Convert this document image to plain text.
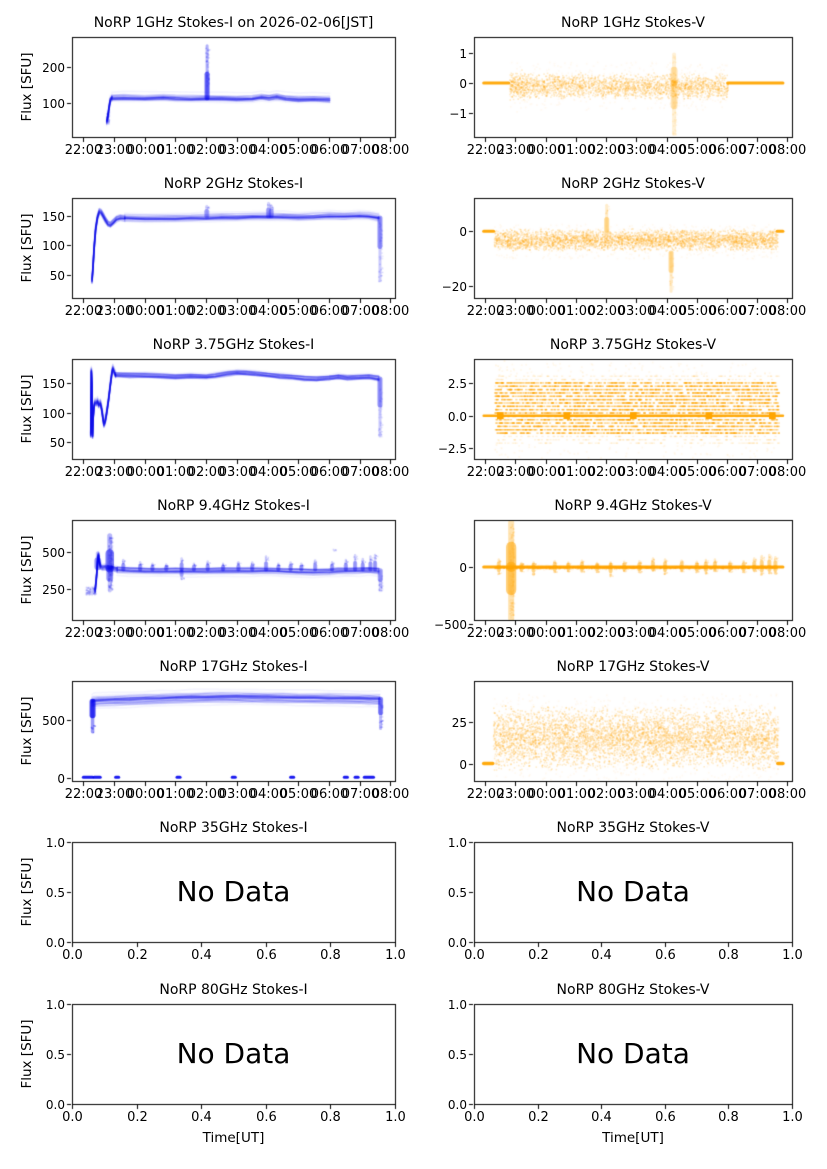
22:00
23:00
00:00
01:00
02:00
03:00
04:00
05:00
06:00
07:00
08:00
200
100
NoRP 1GHz Stokes-I on 2026-02-06[JST]
Flux [SFU]
22:00
23:00
00:00
01:00
02:00
03:00
04:00
05:00
06:00
07:00
08:00
1
0
−1
NoRP 1GHz Stokes-V
22:00
23:00
00:00
01:00
02:00
03:00
04:00
05:00
06:00
07:00
08:00
150
100
50
NoRP 2GHz Stokes-I
Flux [SFU]
22:00
23:00
00:00
01:00
02:00
03:00
04:00
05:00
06:00
07:00
08:00
0
−20
NoRP 2GHz Stokes-V
22:00
23:00
00:00
01:00
02:00
03:00
04:00
05:00
06:00
07:00
08:00
150
100
50
NoRP 3.75GHz Stokes-I
Flux [SFU]
22:00
23:00
00:00
01:00
02:00
03:00
04:00
05:00
06:00
07:00
08:00
2.5
0.0
−2.5
NoRP 3.75GHz Stokes-V
22:00
23:00
00:00
01:00
02:00
03:00
04:00
05:00
06:00
07:00
08:00
500
250
NoRP 9.4GHz Stokes-I
Flux [SFU]
22:00
23:00
00:00
01:00
02:00
03:00
04:00
05:00
06:00
07:00
08:00
0
−500
NoRP 9.4GHz Stokes-V
22:00
23:00
00:00
01:00
02:00
03:00
04:00
05:00
06:00
07:00
08:00
500
0
NoRP 17GHz Stokes-I
Flux [SFU]
22:00
23:00
00:00
01:00
02:00
03:00
04:00
05:00
06:00
07:00
08:00
25
0
NoRP 17GHz Stokes-V
0.0	0.2	0.4	0.6	0.8	1.0
1.0
0.5
0.0
NoRP 35GHz Stokes-I
Flux [SFU]	No Data
0.0	0.2	0.4	0.6	0.8	1.0
1.0
0.5
0.0
NoRP 35GHz Stokes-V
No Data
0.0	0.2	0.4	0.6	0.8	1.0
1.0
0.5
0.0
NoRP 80GHz Stokes-I
Flux [SFU]
Time[UT]
No Data
0.0	0.2	0.4	0.6	0.8	1.0
1.0
0.5
0.0
NoRP 80GHz Stokes-V
Time[UT]
No Data
